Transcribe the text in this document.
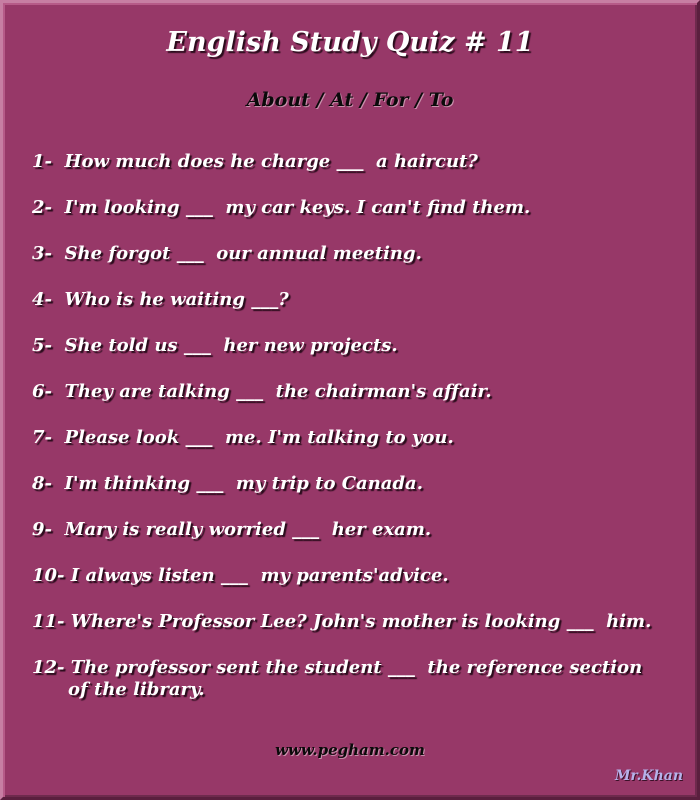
English Study Quiz # 11
About / At / For / To
1-  How much does he charge ___  a haircut?
2-  I'm looking ___  my car keys. I can't find them.
3-  She forgot ___  our annual meeting.
4-  Who is he waiting ___?
5-  She told us ___  her new projects.
6-  They are talking ___  the chairman's affair.
7-  Please look ___  me. I'm talking to you.
8-  I'm thinking ___  my trip to Canada.
9-  Mary is really worried ___  her exam.
10- I always listen ___  my parents'advice.
11- Where's Professor Lee? John's mother is looking ___  him.
12- The professor sent the student ___  the reference section
of the library.
www.pegham.com
Mr.Khan
